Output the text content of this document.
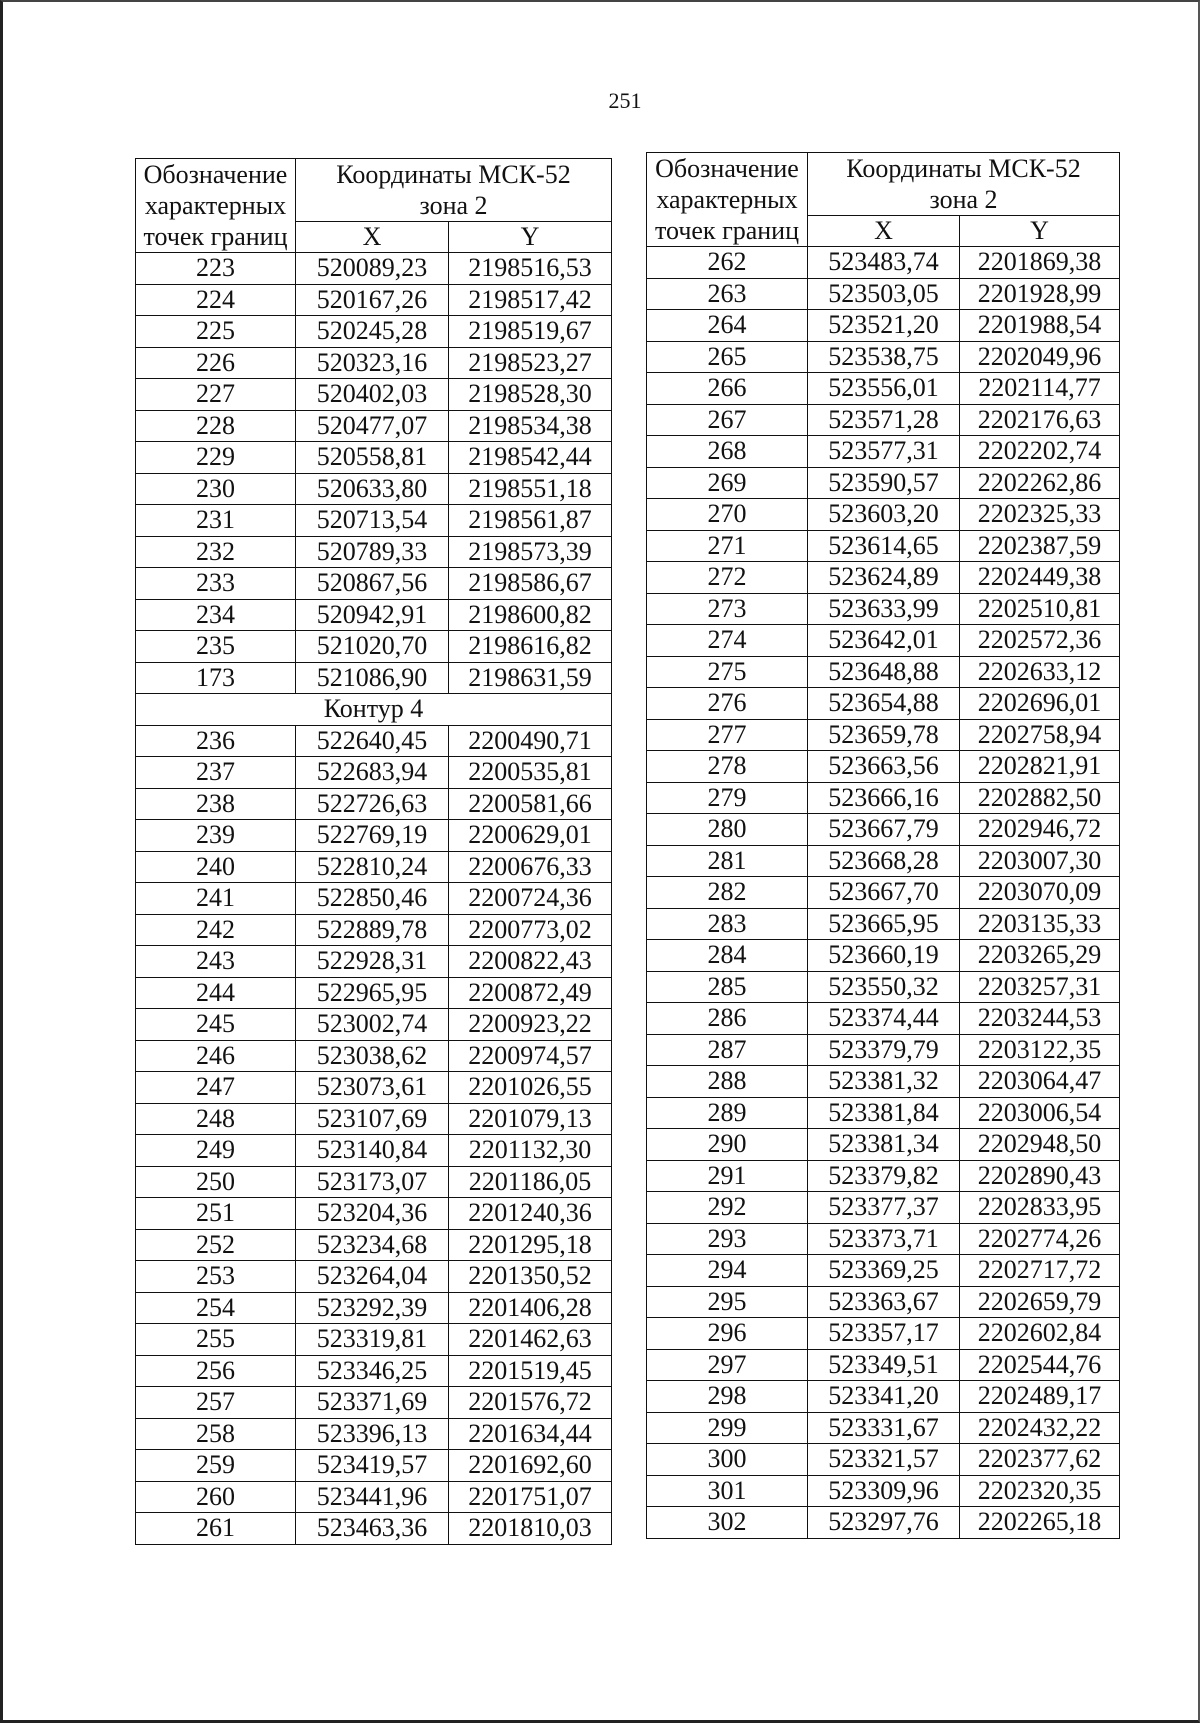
251
Обозначение характерных точек границ	Координаты МСК-52 зона 2	
	X	Y
223	520089,23	2198516,53
224	520167,26	2198517,42
225	520245,28	2198519,67
226	520323,16	2198523,27
227	520402,03	2198528,30
228	520477,07	2198534,38
229	520558,81	2198542,44
230	520633,80	2198551,18
231	520713,54	2198561,87
232	520789,33	2198573,39
233	520867,56	2198586,67
234	520942,91	2198600,82
235	521020,70	2198616,82
173	521086,90	2198631,59
Контур 4		
236	522640,45	2200490,71
237	522683,94	2200535,81
238	522726,63	2200581,66
239	522769,19	2200629,01
240	522810,24	2200676,33
241	522850,46	2200724,36
242	522889,78	2200773,02
243	522928,31	2200822,43
244	522965,95	2200872,49
245	523002,74	2200923,22
246	523038,62	2200974,57
247	523073,61	2201026,55
248	523107,69	2201079,13
249	523140,84	2201132,30
250	523173,07	2201186,05
251	523204,36	2201240,36
252	523234,68	2201295,18
253	523264,04	2201350,52
254	523292,39	2201406,28
255	523319,81	2201462,63
256	523346,25	2201519,45
257	523371,69	2201576,72
258	523396,13	2201634,44
259	523419,57	2201692,60
260	523441,96	2201751,07
261	523463,36	2201810,03
Обозначение характерных точек границ	Координаты МСК-52 зона 2	
	X	Y
262	523483,74	2201869,38
263	523503,05	2201928,99
264	523521,20	2201988,54
265	523538,75	2202049,96
266	523556,01	2202114,77
267	523571,28	2202176,63
268	523577,31	2202202,74
269	523590,57	2202262,86
270	523603,20	2202325,33
271	523614,65	2202387,59
272	523624,89	2202449,38
273	523633,99	2202510,81
274	523642,01	2202572,36
275	523648,88	2202633,12
276	523654,88	2202696,01
277	523659,78	2202758,94
278	523663,56	2202821,91
279	523666,16	2202882,50
280	523667,79	2202946,72
281	523668,28	2203007,30
282	523667,70	2203070,09
283	523665,95	2203135,33
284	523660,19	2203265,29
285	523550,32	2203257,31
286	523374,44	2203244,53
287	523379,79	2203122,35
288	523381,32	2203064,47
289	523381,84	2203006,54
290	523381,34	2202948,50
291	523379,82	2202890,43
292	523377,37	2202833,95
293	523373,71	2202774,26
294	523369,25	2202717,72
295	523363,67	2202659,79
296	523357,17	2202602,84
297	523349,51	2202544,76
298	523341,20	2202489,17
299	523331,67	2202432,22
300	523321,57	2202377,62
301	523309,96	2202320,35
302	523297,76	2202265,18
